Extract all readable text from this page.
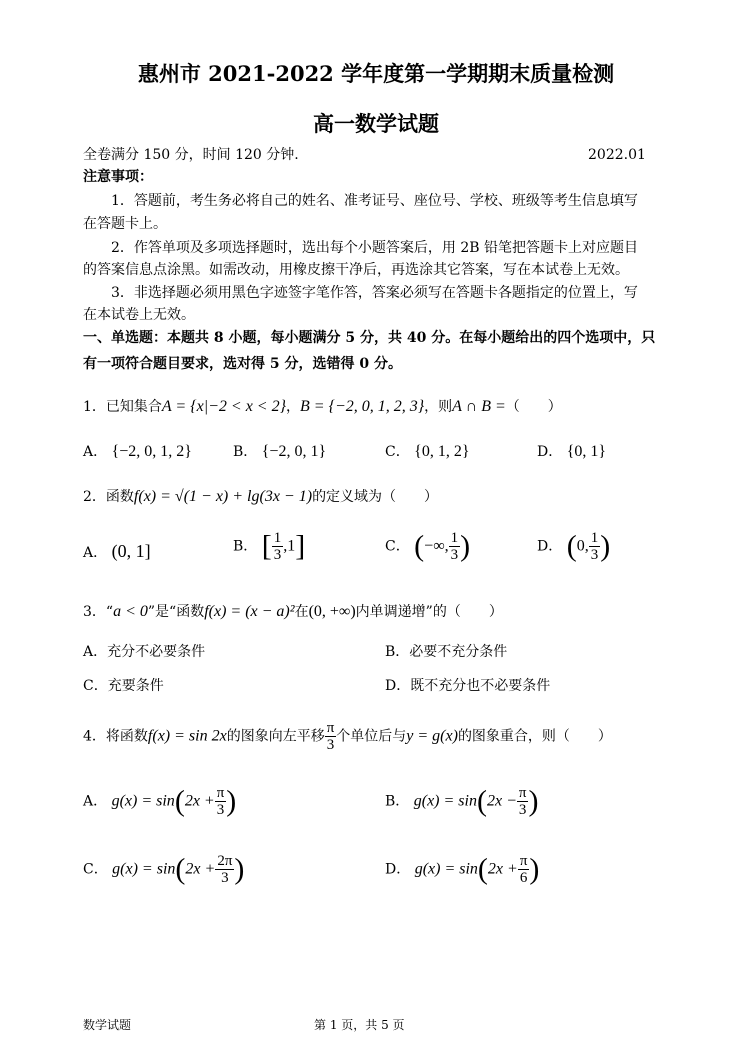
惠州市 2021-2022 学年度第一学期期末质量检测
高一数学试题
全卷满分 150 分，时间 120 分钟.	2022.01
注意事项：
1．答题前，考生务必将自己的姓名、准考证号、座位号、学校、班级等考生信息填写
在答题卡上。
2．作答单项及多项选择题时，选出每个小题答案后，用 2B 铅笔把答题卡上对应题目
的答案信息点涂黑。如需改动，用橡皮擦干净后，再选涂其它答案，写在本试卷上无效。
3．非选择题必须用黑色字迹签字笔作答，答案必须写在答题卡各题指定的位置上，写
在本试卷上无效。
一、单选题：本题共 8 小题，每小题满分 5 分，共 40 分。在每小题给出的四个选项中，只
有一项符合题目要求，选对得 5 分，选错得 0 分。
1．已知集合A = {x|−2 < x < 2}，B = {−2, 0, 1, 2, 3}，则A ∩ B =（　　）
A． {−2, 0, 1, 2}	B． {−2, 0, 1}	C． {0, 1, 2}	D． {0, 1}
2．函数f(x) = √(1 − x) + lg(3x − 1)的定义域为（　　）
A． (0, 1]	B． [ $\frac{1}{3} ,1$]	C． (−∞, $\frac{1}{3}$ )	D． (0, $\frac{1}{3}$ )
3．“a < 0”是“函数f(x) = (x − a)²在(0, +∞)内单调递增”的（　　）
A．充分不必要条件	B．必要不充分条件
C．充要条件	D．既不充分也不必要条件
4．将函数f(x) = sin 2x的图象向左平移 $\frac{\pi}{3}$ 个单位后与y = g(x)的图象重合，则（　　）
A． $g(x) = \sin(2x + \frac{\pi}{3}$ )	B． $g(x) = \sin(2x - \frac{\pi}{3}$ )
C． $g(x) = \sin(2x + \frac{2\pi}{3}$ )	D． $g(x) = \sin(2x + \frac{\pi}{6}$ )
数学试题	第 1 页，共 5 页
